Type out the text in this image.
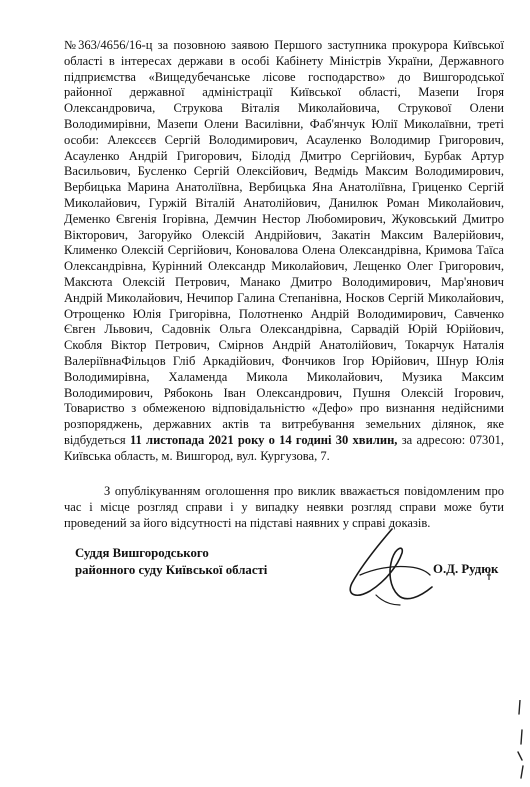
№363/4656/16-ц за позовною заявою Першого заступника прокурора Київської області в інтересах держави в особі Кабінету Міністрів України, Державного підприємства «Вищедубечанське лісове господарство» до Вишгородської районної державної адміністрації Київської області, Мазепи Ігоря Олександровича, Струкова Віталія Миколайовича, Струкової Олени Володимирівни, Мазепи Олени Василівни, Фаб'янчук Юлії Миколаївни, треті особи: Алексєєв Сергій Володимирович, Асауленко Володимир Григорович, Асауленко Андрій Григорович, Білодід Дмитро Сергійович, Бурбак Артур Васильович, Бусленко Сергій Олексійович, Ведмідь Максим Володимирович, Вербицька Марина Анатоліївна, Вербицька Яна Анатоліївна, Гриценко Сергій Миколайович, Гуржій Віталій Анатолійович, Данилюк Роман Миколайович, Деменко Євгенія Ігорівна, Демчин Нестор Любомирович, Жуковський Дмитро Вікторович, Загоруйко Олексій Андрійович, Закатін Максим Валерійович, Клименко Олексій Сергійович, Коновалова Олена Олександрівна, Кримова Таїса Олександрівна, Курінний Олександр Миколайович, Лещенко Олег Григорович, Максюта Олексій Петрович, Манако Дмитро Володимирович, Мар'янович Андрій Миколайович, Нечипор Галина Степанівна, Носков Сергій Миколайович, Отрощенко Юлія Григорівна, Полотненко Андрій Володимирович, Савченко Євген Львович, Садовнік Ольга Олександрівна, Сарвадій Юрій Юрійович, Скобля Віктор Петрович, Смірнов Андрій Анатолійович, Токарчук Наталія ВалеріївнаФільцов Гліб Аркадійович, Фончиков Ігор Юрійович, Шнур Юлія Володимирівна, Халаменда Микола Миколайович, Музика Максим Володимирович, Рябоконь Іван Олександрович, Пушня Олексій Ігорович, Товариство з обмеженою відповідальністю «Дефо» про визнання недійсними розпоряджень, державних актів та витребування земельних ділянок, яке відбудеться 11 листопада 2021 року о 14 годині 30 хвилин, за адресою: 07301, Київська область, м. Вишгород, вул. Кургузова, 7.

З опублікуванням оголошення про виклик вважається повідомленим про час і місце розгляд справи і у випадку неявки розгляд справи може бути проведений за його відсутності на підставі наявних у справі доказів.

Суддя Вишгородського
районного суду Київської області	О.Д. Рудюк
